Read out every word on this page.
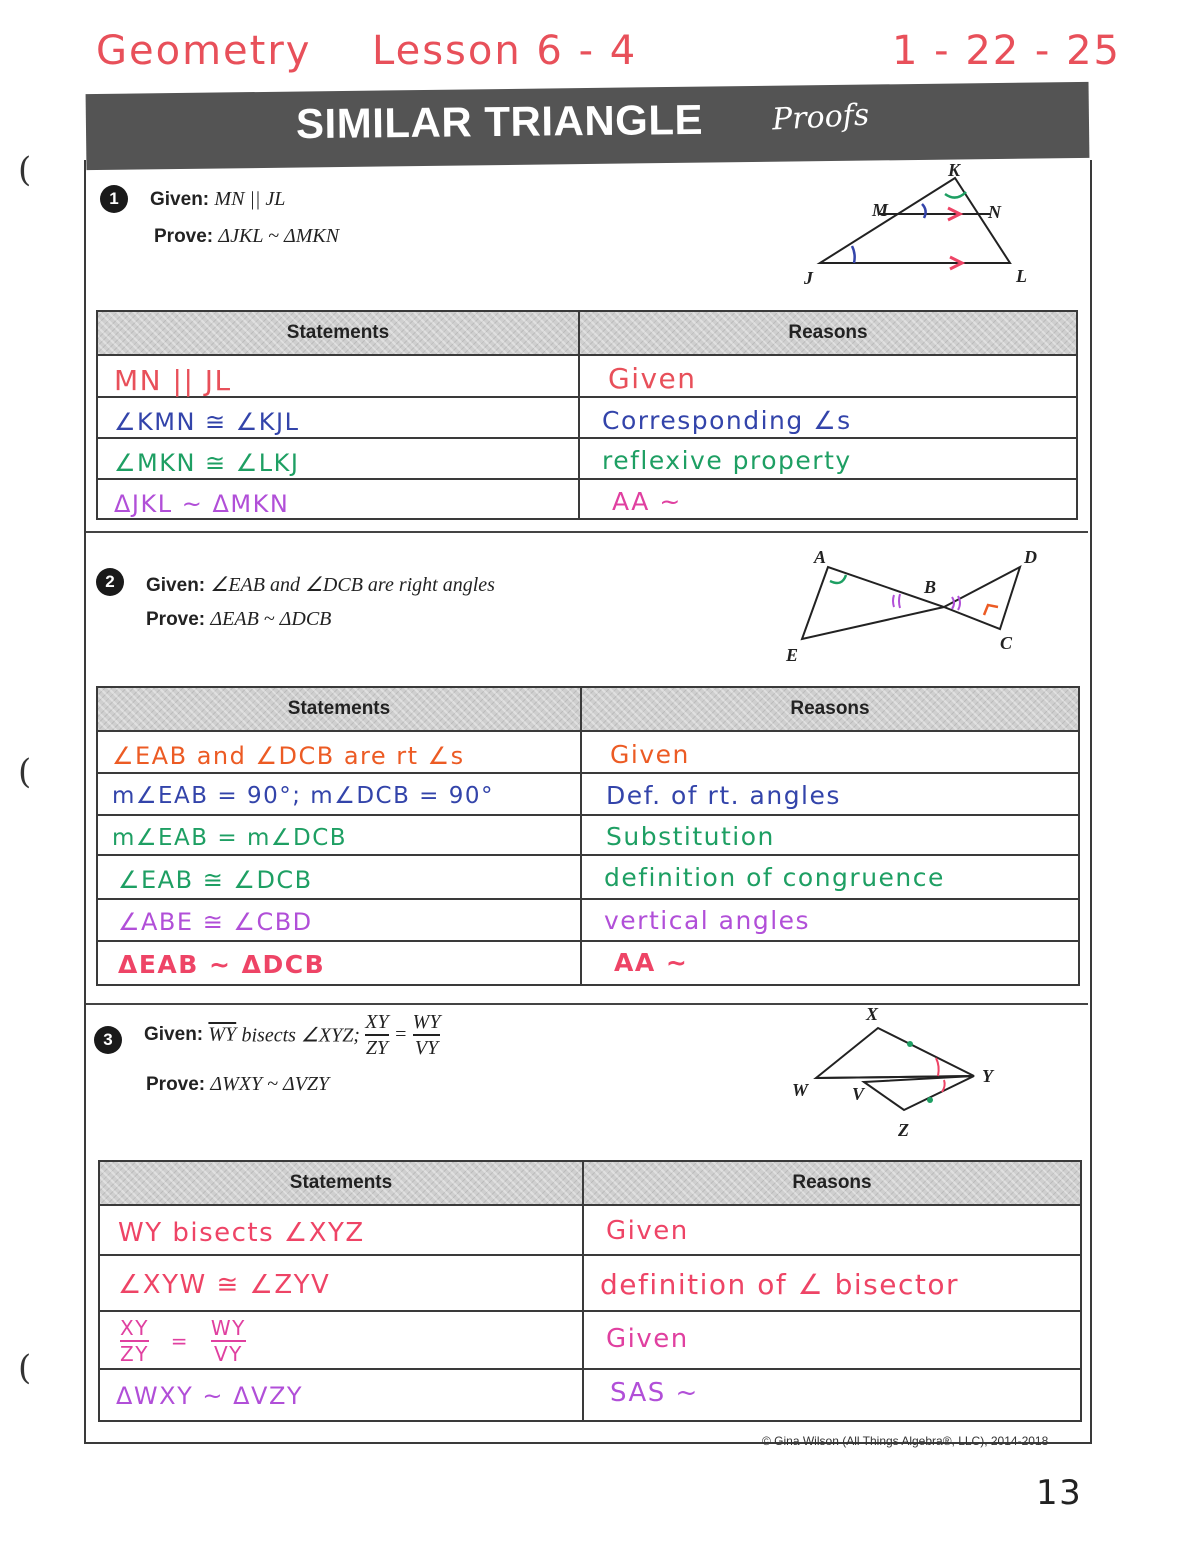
Geometry Lesson 6 - 4	1 - 22 - 25
(
(
(
SIMILAR TRIANGLE Proofs
1	Given: MN || JL
Prove: ΔJKL ~ ΔMKN
K
M	N
J	L
Statements	Reasons
MN || JL	Given
∠KMN ≅ ∠KJL	Corresponding ∠s
∠MKN ≅ ∠LKJ	reflexive property
ΔJKL ~ ΔMKN	AA ~
2	Given: ∠EAB and ∠DCB are right angles
Prove: ΔEAB ~ ΔDCB
A	D
B
E
C
Statements	Reasons
∠EAB and ∠DCB are rt ∠s	Given
m∠EAB = 90°; m∠DCB = 90°	Def. of rt. angles
m∠EAB = m∠DCB	Substitution
∠EAB ≅ ∠DCB	definition of congruence
∠ABE ≅ ∠CBD	vertical angles
ΔEAB ~ ΔDCB	AA ~
3	Given: $\overline{WY}$ bisects ∠XYZ; $\frac{XY}{ZY} = \frac{WY}{VY}$
Prove: ΔWXY ~ ΔVZY
X
Y
W V
Z
Statements	Reasons
WY bisects ∠XYZ	Given
∠XYW ≅ ∠ZYV	definition of ∠ bisector
$\frac{XY}{ZY} = \frac{WY}{VY}$	Given
ΔWXY ~ ΔVZY	SAS ~
© Gina Wilson (All Things Algebra®, LLC), 2014-2018
13
